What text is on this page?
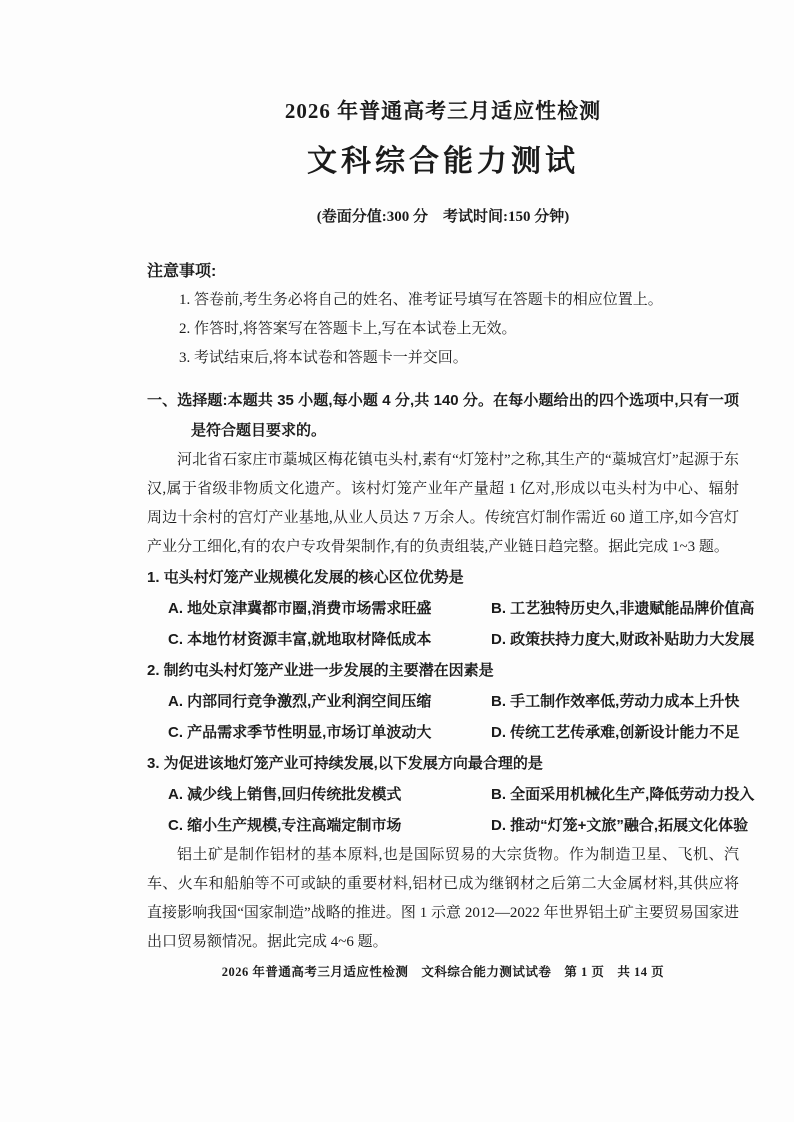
2026 年普通高考三月适应性检测

文科综合能力测试

(卷面分值:300 分　考试时间:150 分钟)

注意事项:

1. 答卷前,考生务必将自己的姓名、准考证号填写在答题卡的相应位置上。

2. 作答时,将答案写在答题卡上,写在本试卷上无效。

3. 考试结束后,将本试卷和答题卡一并交回。

一、选择题:本题共 35 小题,每小题 4 分,共 140 分。在每小题给出的四个选项中,只有一项是符合题目要求的。

河北省石家庄市藁城区梅花镇屯头村,素有“灯笼村”之称,其生产的“藁城宫灯”起源于东汉,属于省级非物质文化遗产。该村灯笼产业年产量超 1 亿对,形成以屯头村为中心、辐射周边十余村的宫灯产业基地,从业人员达 7 万余人。传统宫灯制作需近 60 道工序,如今宫灯产业分工细化,有的农户专攻骨架制作,有的负责组装,产业链日趋完整。据此完成 1~3 题。

1. 屯头村灯笼产业规模化发展的核心区位优势是

A. 地处京津冀都市圈,消费市场需求旺盛	B. 工艺独特历史久,非遗赋能品牌价值高
C. 本地竹材资源丰富,就地取材降低成本	D. 政策扶持力度大,财政补贴助力大发展

2. 制约屯头村灯笼产业进一步发展的主要潜在因素是

A. 内部同行竞争激烈,产业利润空间压缩	B. 手工制作效率低,劳动力成本上升快
C. 产品需求季节性明显,市场订单波动大	D. 传统工艺传承难,创新设计能力不足

3. 为促进该地灯笼产业可持续发展,以下发展方向最合理的是

A. 减少线上销售,回归传统批发模式	B. 全面采用机械化生产,降低劳动力投入
C. 缩小生产规模,专注高端定制市场	D. 推动“灯笼+文旅”融合,拓展文化体验

铝土矿是制作铝材的基本原料,也是国际贸易的大宗货物。作为制造卫星、飞机、汽车、火车和船舶等不可或缺的重要材料,铝材已成为继钢材之后第二大金属材料,其供应将直接影响我国“国家制造”战略的推进。图 1 示意 2012—2022 年世界铝土矿主要贸易国家进出口贸易额情况。据此完成 4~6 题。

2026 年普通高考三月适应性检测　文科综合能力测试试卷　第 1 页　共 14 页
